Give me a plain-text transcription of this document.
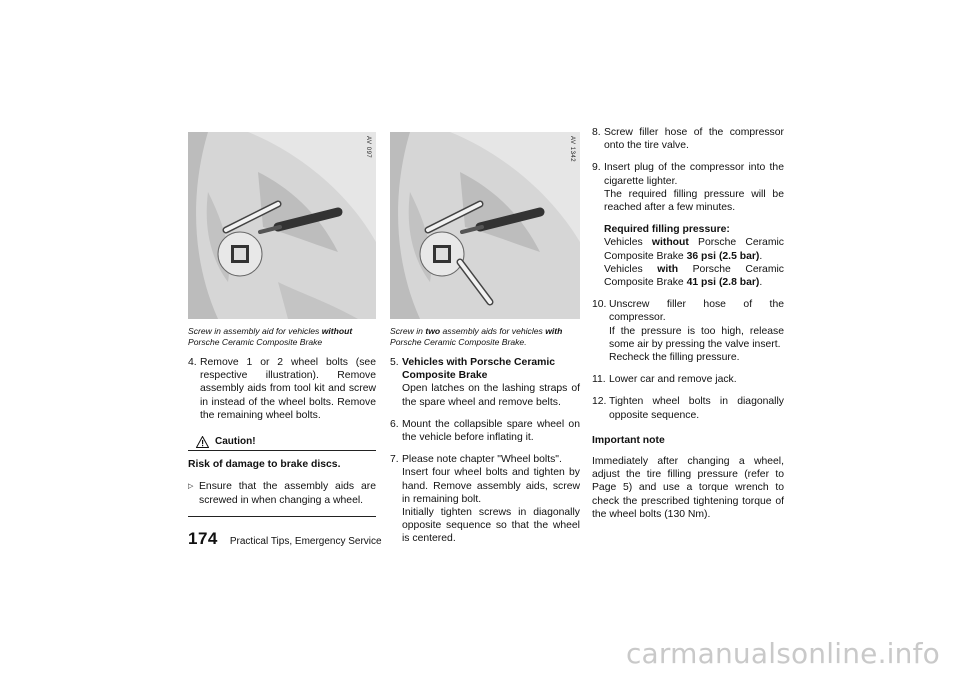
AV 097
Screw in assembly aid for vehicles without Porsche Ceramic Composite Brake
4. Remove 1 or 2 wheel bolts (see respective illustration). Remove assembly aids from tool kit and screw in instead of the wheel bolts. Remove the remaining wheel bolts.
Caution!
Risk of damage to brake discs.
▷ Ensure that the assembly aids are screwed in when changing a wheel.
AV 1342
Screw in two assembly aids for vehicles with Porsche Ceramic Composite Brake.
5. Vehicles with Porsche Ceramic Composite Brake
Open latches on the lashing straps of the spare wheel and remove belts.
6. Mount the collapsible spare wheel on the vehicle before inflating it.
7. Please note chapter "Wheel bolts".
Insert four wheel bolts and tighten by hand. Remove assembly aids, screw in remaining bolt.
Initially tighten screws in diagonally opposite sequence so that the wheel is centered.
8. Screw filler hose of the compressor onto the tire valve.
9. Insert plug of the compressor into the cigarette lighter.
The required filling pressure will be reached after a few minutes.
Required filling pressure:
Vehicles without Porsche Ceramic Composite Brake 36 psi (2.5 bar).
Vehicles with Porsche Ceramic Composite Brake 41 psi (2.8 bar).
10. Unscrew filler hose of the compressor.
If the pressure is too high, release some air by pressing the valve insert.
Recheck the filling pressure.
11. Lower car and remove jack.
12. Tighten wheel bolts in diagonally opposite sequence.
Important note
Immediately after changing a wheel, adjust the tire filling pressure (refer to Page 5) and use a torque wrench to check the prescribed tightening torque of the wheel bolts (130 Nm).
174 Practical Tips, Emergency Service
carmanualsonline.info
